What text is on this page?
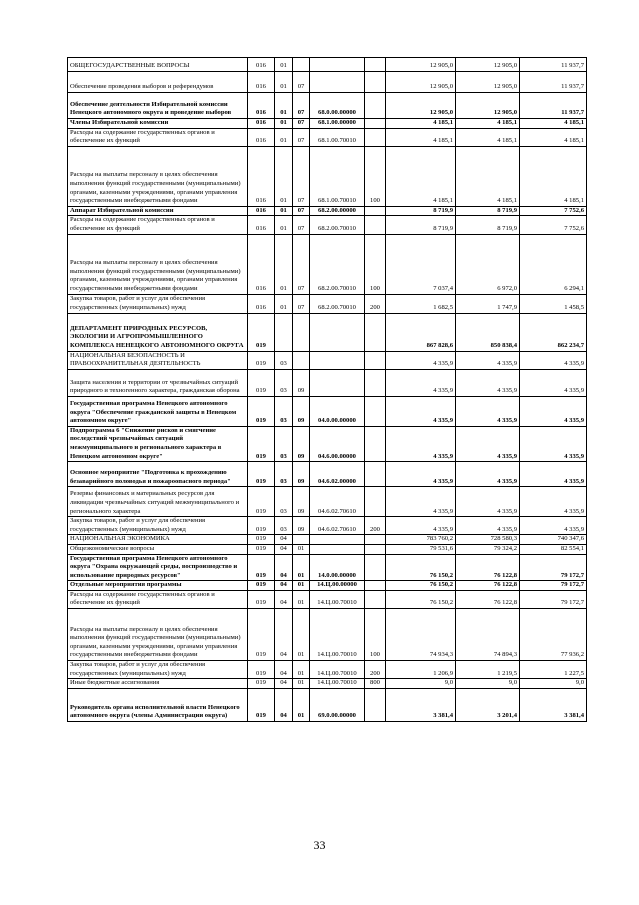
ОБЩЕГОСУДАРСТВЕННЫЕ ВОПРОСЫ	016	01				12 905,0	12 905,0	11 937,7
Обеспечение проведения выборов и референдумов	016	01	07			12 905,0	12 905,0	11 937,7
Обеспечение деятельности Избирательной комиссии Ненецкого автономного округа и проведение выборов	016	01	07	68.0.00.00000		12 905,0	12 905,0	11 937,7
Члены Избирательной комиссии	016	01	07	68.1.00.00000		4 185,1	4 185,1	4 185,1
Расходы на содержание государственных органов и обеспечение их функций	016	01	07	68.1.00.70010		4 185,1	4 185,1	4 185,1
Расходы на выплаты персоналу в целях обеспечения выполнения функций государственными (муниципальными) органами, казенными учреждениями, органами управления государственными внебюджетными фондами	016	01	07	68.1.00.70010	100	4 185,1	4 185,1	4 185,1
Аппарат Избирательной комиссии	016	01	07	68.2.00.00000		8 719,9	8 719,9	7 752,6
Расходы на содержание государственных органов и обеспечение их функций	016	01	07	68.2.00.70010		8 719,9	8 719,9	7 752,6
Расходы на выплаты персоналу в целях обеспечения выполнения функций государственными (муниципальными) органами, казенными учреждениями, органами управления государственными внебюджетными фондами	016	01	07	68.2.00.70010	100	7 037,4	6 972,0	6 294,1
Закупка товаров, работ и услуг для обеспечения государственных (муниципальных) нужд	016	01	07	68.2.00.70010	200	1 682,5	1 747,9	1 458,5
ДЕПАРТАМЕНТ ПРИРОДНЫХ РЕСУРСОВ, ЭКОЛОГИИ И АГРОПРОМЫШЛЕННОГО КОМПЛЕКСА НЕНЕЦКОГО АВТОНОМНОГО ОКРУГА	019					867 828,6	850 838,4	862 234,7
НАЦИОНАЛЬНАЯ БЕЗОПАСНОСТЬ И ПРАВООХРАНИТЕЛЬНАЯ ДЕЯТЕЛЬНОСТЬ	019	03				4 335,9	4 335,9	4 335,9
Защита населения и территории от чрезвычайных ситуаций природного и техногенного характера, гражданская оборона	019	03	09			4 335,9	4 335,9	4 335,9
Государственная программа Ненецкого автономного округа "Обеспечение гражданской защиты в Ненецком автономном округе"	019	03	09	04.0.00.00000		4 335,9	4 335,9	4 335,9
Подпрограмма 6 "Снижение рисков и смягчение последствий чрезвычайных ситуаций межмуниципального и регионального характера в Ненецком автономном округе"	019	03	09	04.6.00.00000		4 335,9	4 335,9	4 335,9
Основное мероприятие "Подготовка к прохождению безаварийного половодья и пожароопасного периода"	019	03	09	04.6.02.00000		4 335,9	4 335,9	4 335,9
Резервы финансовых и материальных ресурсов для ликвидации чрезвычайных ситуаций межмуниципального и регионального характера	019	03	09	04.6.02.70610		4 335,9	4 335,9	4 335,9
Закупка товаров, работ и услуг для обеспечения государственных (муниципальных) нужд	019	03	09	04.6.02.70610	200	4 335,9	4 335,9	4 335,9
НАЦИОНАЛЬНАЯ ЭКОНОМИКА	019	04				783 760,2	728 580,3	740 347,6
Общеэкономические вопросы	019	04	01			79 531,6	79 324,2	82 554,1
Государственная программа Ненецкого автономного округа "Охрана окружающей среды, воспроизводство и использование природных ресурсов"	019	04	01	14.0.00.00000		76 150,2	76 122,8	79 172,7
Отдельные мероприятия программы	019	04	01	14.Ц.00.00000		76 150,2	76 122,8	79 172,7
Расходы на содержание государственных органов и обеспечение их функций	019	04	01	14.Ц.00.70010		76 150,2	76 122,8	79 172,7
Расходы на выплаты персоналу в целях обеспечения выполнения функций государственными (муниципальными) органами, казенными учреждениями, органами управления государственными внебюджетными фондами	019	04	01	14.Ц.00.70010	100	74 934,3	74 894,3	77 936,2
Закупка товаров, работ и услуг для обеспечения государственных (муниципальных) нужд	019	04	01	14.Ц.00.70010	200	1 206,9	1 219,5	1 227,5
Иные бюджетные ассигнования	019	04	01	14.Ц.00.70010	800	9,0	9,0	9,0
Руководитель органа исполнительной власти Ненецкого автономного округа (члены Администрации округа)	019	04	01	69.0.00.00000		3 381,4	3 201,4	3 381,4
33
